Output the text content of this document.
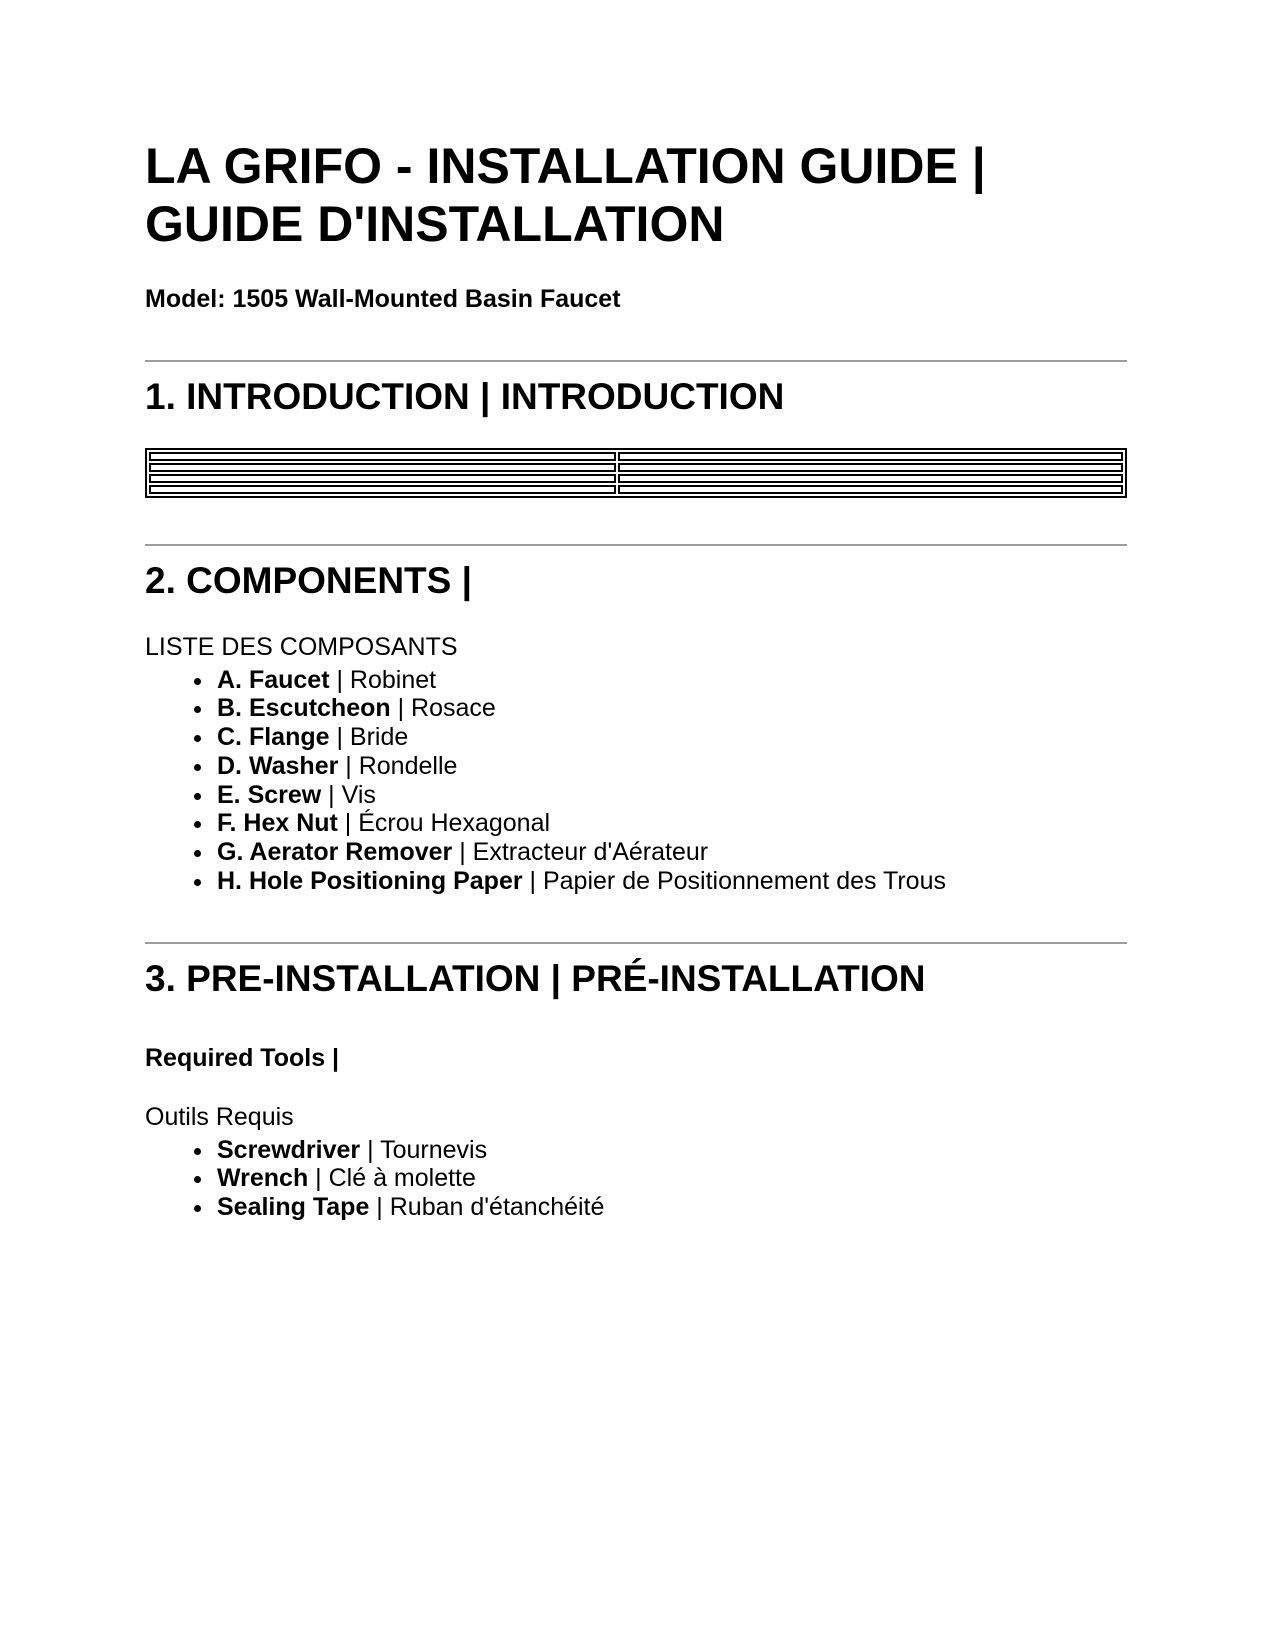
LA GRIFO - INSTALLATION GUIDE | GUIDE D'INSTALLATION

Model: 1505 Wall-Mounted Basin Faucet

1. INTRODUCTION | INTRODUCTION

2. COMPONENTS |

LISTE DES COMPOSANTS

• A. Faucet | Robinet
• B. Escutcheon | Rosace
• C. Flange | Bride
• D. Washer | Rondelle
• E. Screw | Vis
• F. Hex Nut | Écrou Hexagonal
• G. Aerator Remover | Extracteur d'Aérateur
• H. Hole Positioning Paper | Papier de Positionnement des Trous
3. PRE-INSTALLATION | PRÉ-INSTALLATION

Required Tools |

Outils Requis

• Screwdriver | Tournevis
• Wrench | Clé à molette
• Sealing Tape | Ruban d'étanchéité
